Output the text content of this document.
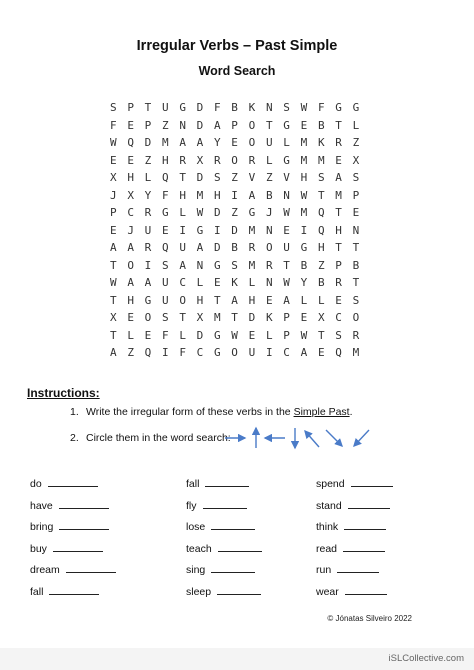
Irregular Verbs – Past Simple
Word Search
S P T U G D F B K N S W F G G
F E P Z N D A P O T G E B T L
W Q D M A A Y E O U L M K R Z
E E Z H R X R O R L G M M E X
X H L Q T D S Z V Z V H S A S
J X Y F H M H I A B N W T M P
P C R G L W D Z G J W M Q T E
E J U E I G I D M N E I Q H N
A A R Q U A D B R O U G H T T
T O I S A N G S M R T B Z P B
W A A U C L E K L N W Y B R T
T H G U O H T A H E A L L E S
X E O S T X M T D K P E X C O
T L E F L D G W E L P W T S R
A Z Q I F C G O U I C A E Q M
Instructions:
1. Write the irregular form of these verbs in the Simple Past.
2. Circle them in the word search:
do
have
bring
buy
dream
fall
fall
fly
lose
teach
sing
sleep
spend
stand
think
read
run
wear
© Jónatas Silveiro 2022
iSLCollective.com
